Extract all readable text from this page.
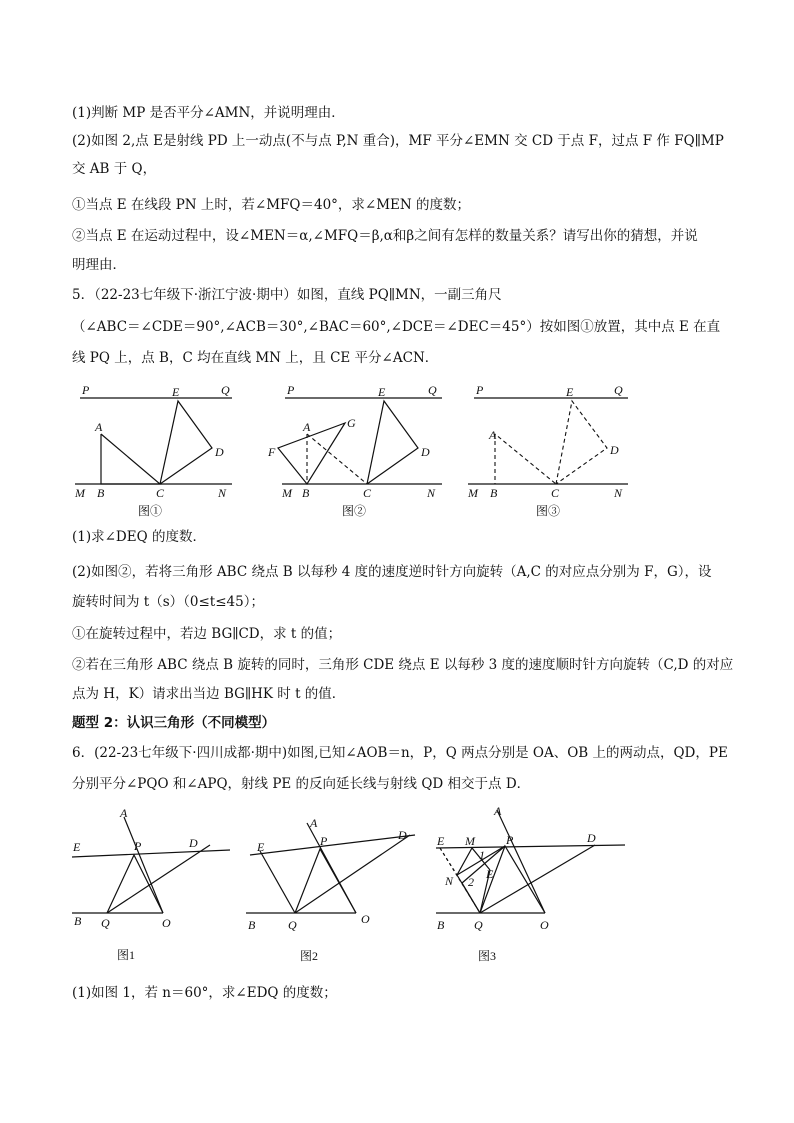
(1)判断 MP 是否平分∠AMN，并说明理由．
(2)如图 2,点 E是射线 PD 上一动点(不与点 P,N 重合)，MF 平分∠EMN 交 CD 于点 F，过点 F 作 FQ∥MP
交 AB 于 Q，
①当点 E 在线段 PN 上时，若∠MFQ＝40°，求∠MEN 的度数；
②当点 E 在运动过程中，设∠MEN＝α,∠MFQ＝β,α和β之间有怎样的数量关系？请写出你的猜想，并说
明理由．
5．（22-23七年级下·浙江宁波·期中）如图，直线 PQ∥MN，一副三角尺
（∠ABC＝∠CDE＝90°,∠ACB＝30°,∠BAC＝60°,∠DCE＝∠DEC＝45°）按如图①放置，其中点 E 在直
线 PQ 上，点 B，C 均在直线 MN 上，且 CE 平分∠ACN．
P	Q
E
A
D
M B	C	N
图①
P	Q
E
A	G
F	D
M B	C	N
图②
P	Q
E
A
D
M B	C	N
图③
(1)求∠DEQ 的度数．
(2)如图②，若将三角形 ABC 绕点 B 以每秒 4 度的速度逆时针方向旋转（A,C 的对应点分别为 F，G），设
旋转时间为 t（s）（0≤t≤45）；
①在旋转过程中，若边 BG∥CD，求 t 的值；
②若在三角形 ABC 绕点 B 旋转的同时，三角形 CDE 绕点 E 以每秒 3 度的速度顺时针方向旋转（C,D 的对应
点为 H，K）请求出当边 BG∥HK 时 t 的值．
题型 2：认识三角形（不同模型）
6．(22-23七年级下·四川成都·期中)如图,已知∠AOB＝n，P，Q 两点分别是 OA、OB 上的两动点，QD，PE
分别平分∠PQO 和∠APQ，射线 PE 的反向延长线与射线 QD 相交于点 D．
A
E	P	D
B Q	O
图1
A
E	P	D
B	Q	O
图2
A
E M	P	D
1
N 2
E
B Q	O
图3
(1)如图 1，若 n＝60°，求∠EDQ 的度数；
